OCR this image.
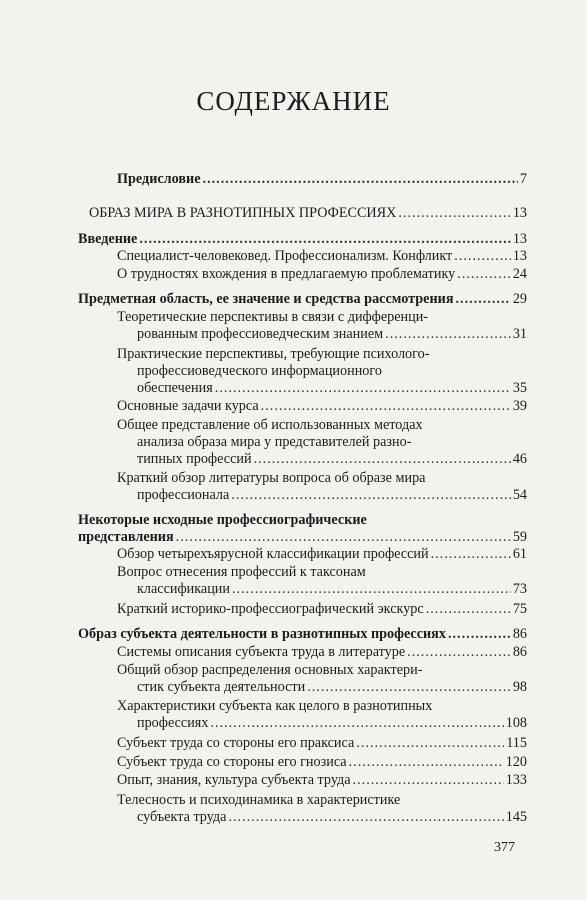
СОДЕРЖАНИЕ
Предисловие .....	7
ОБРАЗ МИРА В РАЗНОТИПНЫХ ПРОФЕССИЯХ .....	13
Введение .....	13
Специалист-человековед. Профессионализм. Конфликт .....	13
О трудностях вхождения в предлагаемую проблематику .....	24
Предметная область, ее значение и средства рассмотрения .....	29
Теоретические перспективы в связи с дифференци-
рованным профессиоведческим знанием .....	31
Практические перспективы, требующие психолого-
профессиоведческого информационного
обеспечения .....	35
Основные задачи курса .....	39
Общее представление об использованных методах
анализа образа мира у представителей разно-
типных профессий .....	46
Краткий обзор литературы вопроса об образе мира
профессионала .....	54
Некоторые исходные профессиографические
представления .....	59
Обзор четырехъярусной классификации профессий .....	61
Вопрос отнесения профессий к таксонам
классификации .....	73
Краткий историко-профессиографический экскурс .....	75
Образ субъекта деятельности в разнотипных профессиях .....	86
Системы описания субъекта труда в литературе .....	86
Общий обзор распределения основных характери-
стик субъекта деятельности .....	98
Характеристики субъекта как целого в разнотипных
профессиях .....	108
Субъект труда со стороны его праксиса .....	115
Субъект труда со стороны его гнозиса .....	120
Опыт, знания, культура субъекта труда .....	133
Телесность и психодинамика в характеристике
субъекта труда .....	145
377
